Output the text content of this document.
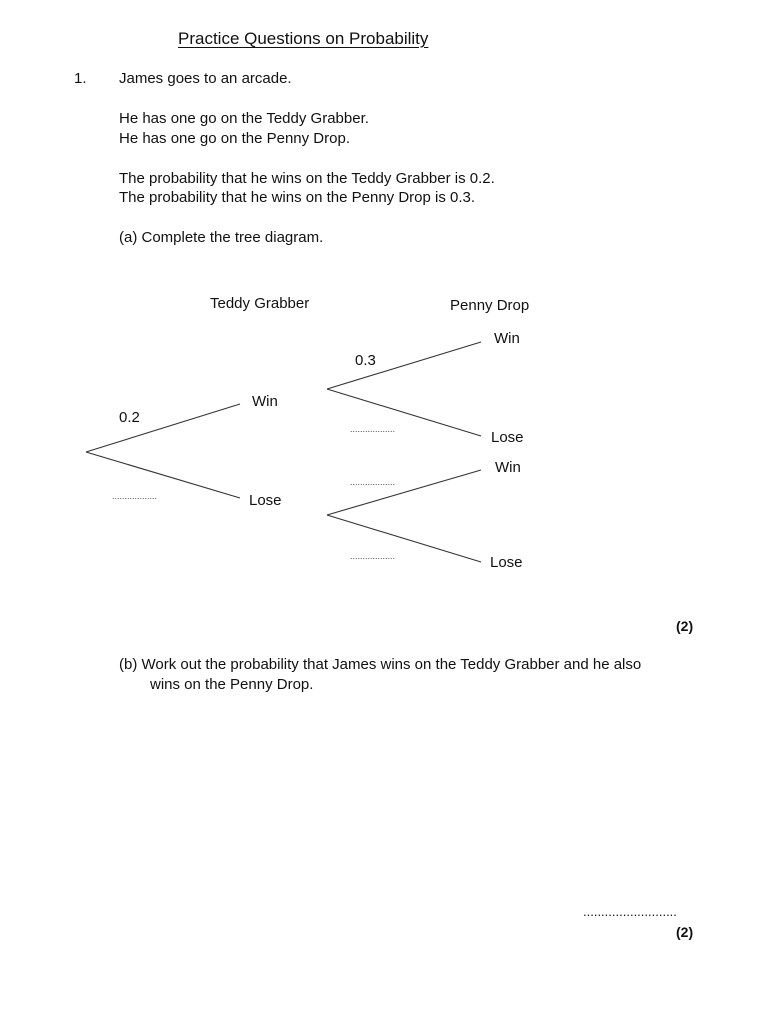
Practice Questions on Probability
1. James goes to an arcade.
He has one go on the Teddy Grabber.
He has one go on the Penny Drop.
The probability that he wins on the Teddy Grabber is 0.2.
The probability that he wins on the Penny Drop is 0.3.
(a) Complete the tree diagram.
Teddy Grabber	Penny Drop
0.2
..................
Win
Lose
0.3
..................
Win
Lose
..................
..................
Win
Lose
(2)
(b) Work out the probability that James wins on the Teddy Grabber and he also
wins on the Penny Drop.
..........................
(2)
